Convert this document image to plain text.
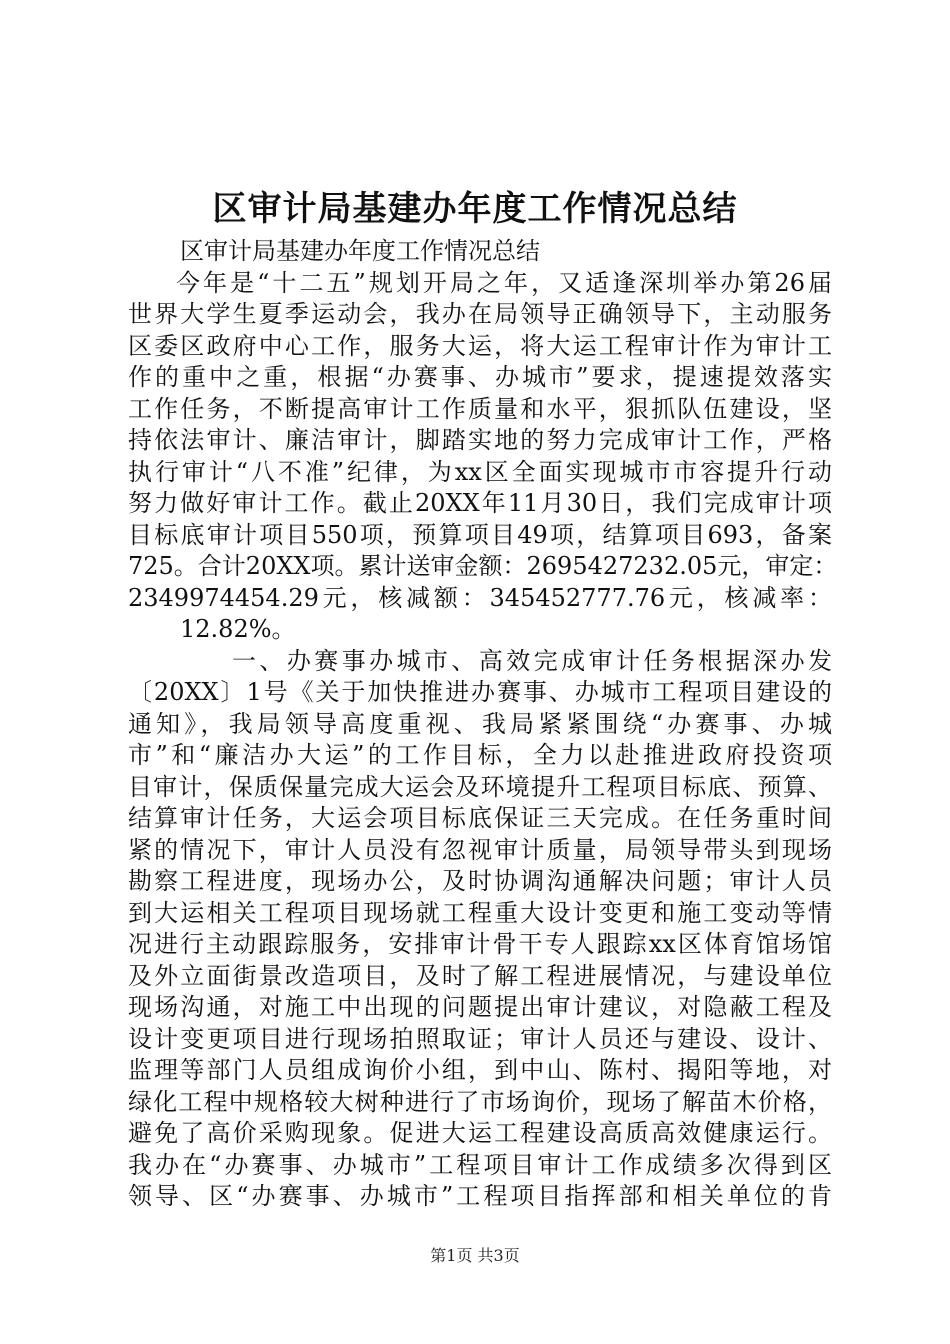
区审计局基建办年度工作情况总结
区审计局基建办年度工作情况总结
今年是“十二五”规划开局之年，又适逢深圳举办第26届
世界大学生夏季运动会，我办在局领导正确领导下，主动服务
区委区政府中心工作，服务大运，将大运工程审计作为审计工
作的重中之重，根据“办赛事、办城市”要求，提速提效落实
工作任务，不断提高审计工作质量和水平，狠抓队伍建设，坚
持依法审计、廉洁审计，脚踏实地的努力完成审计工作，严格
执行审计“八不准”纪律，为xx区全面实现城市市容提升行动
努力做好审计工作。截止20XX年11月30日，我们完成审计项
目标底审计项目550项，预算项目49项，结算项目693，备案
725。合计20XX项。累计送审金额：2695427232.05元，审定：
2349974454.29元，核减额：345452777.76元，核减率：
12.82%。
一、办赛事办城市、高效完成审计任务根据深办发
〔20XX〕1号《关于加快推进办赛事、办城市工程项目建设的
通知》，我局领导高度重视、我局紧紧围绕“办赛事、办城
市”和“廉洁办大运”的工作目标，全力以赴推进政府投资项
目审计，保质保量完成大运会及环境提升工程项目标底、预算、
结算审计任务，大运会项目标底保证三天完成。在任务重时间
紧的情况下，审计人员没有忽视审计质量，局领导带头到现场
勘察工程进度，现场办公，及时协调沟通解决问题；审计人员
到大运相关工程项目现场就工程重大设计变更和施工变动等情
况进行主动跟踪服务，安排审计骨干专人跟踪xx区体育馆场馆
及外立面街景改造项目，及时了解工程进展情况，与建设单位
现场沟通，对施工中出现的问题提出审计建议，对隐蔽工程及
设计变更项目进行现场拍照取证；审计人员还与建设、设计、
监理等部门人员组成询价小组，到中山、陈村、揭阳等地，对
绿化工程中规格较大树种进行了市场询价，现场了解苗木价格，
避免了高价采购现象。促进大运工程建设高质高效健康运行。
我办在“办赛事、办城市”工程项目审计工作成绩多次得到区
领导、区“办赛事、办城市”工程项目指挥部和相关单位的肯
第1页 共3页
